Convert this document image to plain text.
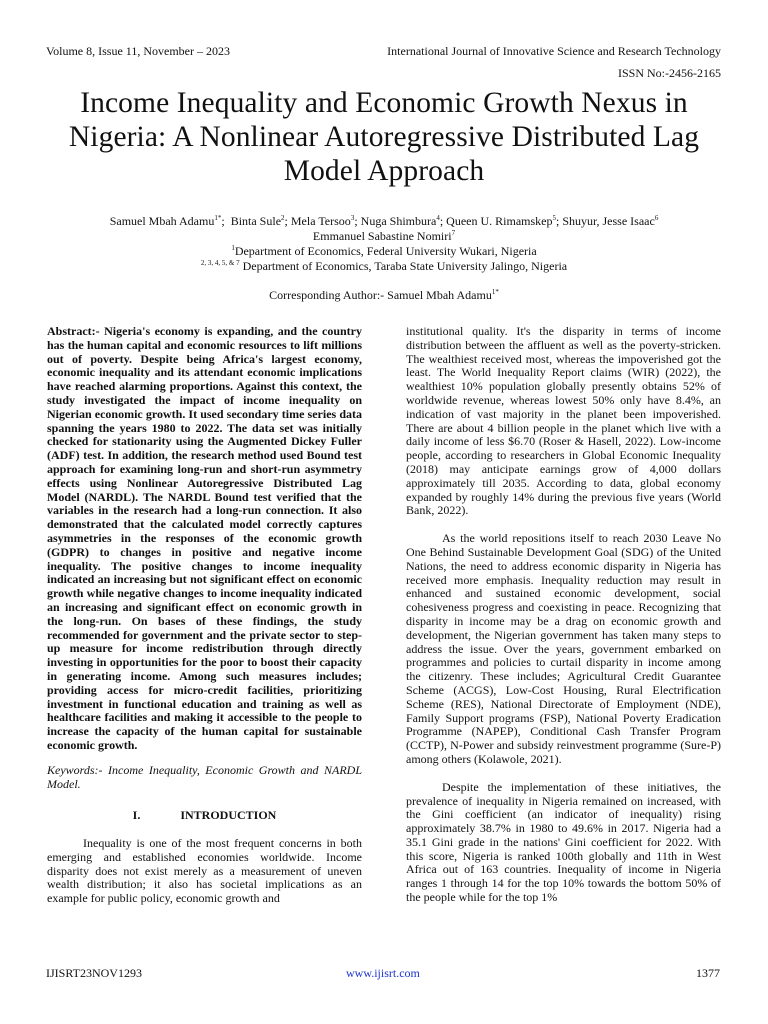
Volume 8, Issue 11, November – 2023	International Journal of Innovative Science and Research Technology
ISSN No:-2456-2165
Income Inequality and Economic Growth Nexus in Nigeria: A Nonlinear Autoregressive Distributed Lag Model Approach
Samuel Mbah Adamu$^{1*}$;  Binta Sule$^2$; Mela Tersoo$^3$; Nuga Shimbura$^4$; Queen U. Rimamskep$^5$; Shuyur, Jesse Isaac$^6$
Emmanuel Sabastine Nomiri$^7$
$^1$Department of Economics, Federal University Wukari, Nigeria
$^{2, 3, 4, 5, \& 7}$ Department of Economics, Taraba State University Jalingo, Nigeria
Corresponding Author:- Samuel Mbah Adamu$^{1*}$

Abstract:- Nigeria's economy is expanding, and the country has the human capital and economic resources to lift millions out of poverty. Despite being Africa's largest economy, economic inequality and its attendant economic implications have reached alarming proportions. Against this context, the study investigated the impact of income inequality on Nigerian economic growth. It used secondary time series data spanning the years 1980 to 2022. The data set was initially checked for stationarity using the Augmented Dickey Fuller (ADF) test. In addition, the research method used Bound test approach for examining long-run and short-run asymmetry effects using Nonlinear Autoregressive Distributed Lag Model (NARDL). The NARDL Bound test verified that the variables in the research had a long-run connection. It also demonstrated that the calculated model correctly captures asymmetries in the responses of the economic growth (GDPR) to changes in positive and negative income inequality. The positive changes to income inequality indicated an increasing but not significant effect on economic growth while negative changes to income inequality indicated an increasing and significant effect on economic growth in the long-run. On bases of these findings, the study recommended for government and the private sector to step-up measure for income redistribution through directly investing in opportunities for the poor to boost their capacity in generating income. Among such measures includes; providing access for micro-credit facilities, prioritizing investment in functional education and training as well as healthcare facilities and making it accessible to the people to increase the capacity of the human capital for sustainable economic growth.

Keywords:- Income Inequality, Economic Growth and NARDL Model.

I.	INTRODUCTION

Inequality is one of the most frequent concerns in both emerging and established economies worldwide. Income disparity does not exist merely as a measurement of uneven wealth distribution; it also has societal implications as an example for public policy, economic growth and

institutional quality. It's the disparity in terms of income distribution between the affluent as well as the poverty-stricken. The wealthiest received most, whereas the impoverished got the least. The World Inequality Report claims (WIR) (2022), the wealthiest 10% population globally presently obtains 52% of worldwide revenue, whereas lowest 50% only have 8.4%, an indication of vast majority in the planet been impoverished. There are about 4 billion people in the planet which live with a daily income of less $6.70 (Roser & Hasell, 2022). Low-income people, according to researchers in Global Economic Inequality (2018) may anticipate earnings grow of 4,000 dollars approximately till 2035. According to data, global economy expanded by roughly 14% during the previous five years (World Bank, 2022).

As the world repositions itself to reach 2030 Leave No One Behind Sustainable Development Goal (SDG) of the United Nations, the need to address economic disparity in Nigeria has received more emphasis. Inequality reduction may result in enhanced and sustained economic development, social cohesiveness progress and coexisting in peace. Recognizing that disparity in income may be a drag on economic growth and development, the Nigerian government has taken many steps to address the issue. Over the years, government embarked on programmes and policies to curtail disparity in income among the citizenry. These includes; Agricultural Credit Guarantee Scheme (ACGS), Low-Cost Housing, Rural Electrification Scheme (RES), National Directorate of Employment (NDE), Family Support programs (FSP), National Poverty Eradication Programme (NAPEP), Conditional Cash Transfer Program (CCTP), N-Power and subsidy reinvestment programme (Sure-P) among others (Kolawole, 2021).

Despite the implementation of these initiatives, the prevalence of inequality in Nigeria remained on increased, with the Gini coefficient (an indicator of inequality) rising approximately 38.7% in 1980 to 49.6% in 2017. Nigeria had a 35.1 Gini grade in the nations' Gini coefficient for 2022. With this score, Nigeria is ranked 100th globally and 11th in West Africa out of 163 countries. Inequality of income in Nigeria ranges 1 through 14 for the top 10% towards the bottom 50% of the people while for the top 1%

IJISRT23NOV1293	www.ijisrt.com	1377
